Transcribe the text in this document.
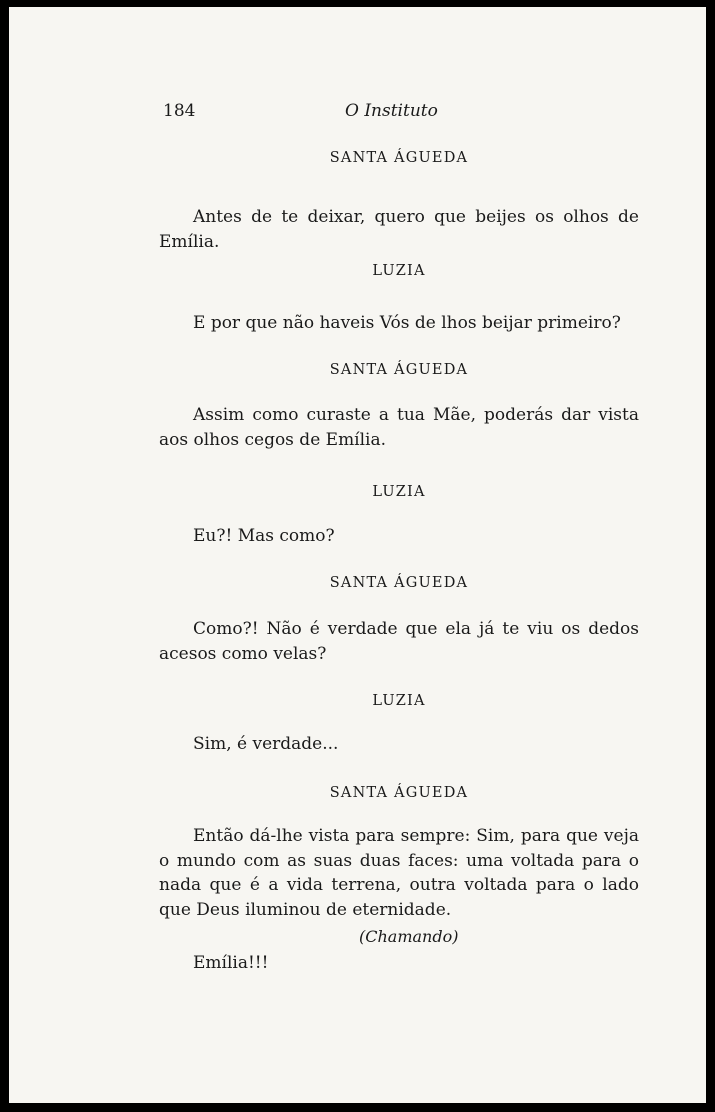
184	O Instituto
SANTA ÁGUEDA

Antes de te deixar, quero que beijes os olhos de Emília.

LUZIA

E por que não haveis Vós de lhos beijar primeiro?

SANTA ÁGUEDA

Assim como curaste a tua Mãe, poderás dar vista aos olhos cegos de Emília.

LUZIA

Eu?! Mas como?

SANTA ÁGUEDA

Como?! Não é verdade que ela já te viu os dedos acesos como velas?

LUZIA

Sim, é verdade...

SANTA ÁGUEDA

Então dá-lhe vista para sempre: Sim, para que veja o mundo com as suas duas faces: uma voltada para o nada que é a vida terrena, outra voltada para o lado que Deus iluminou de eternidade.

(Chamando)

Emília!!!
